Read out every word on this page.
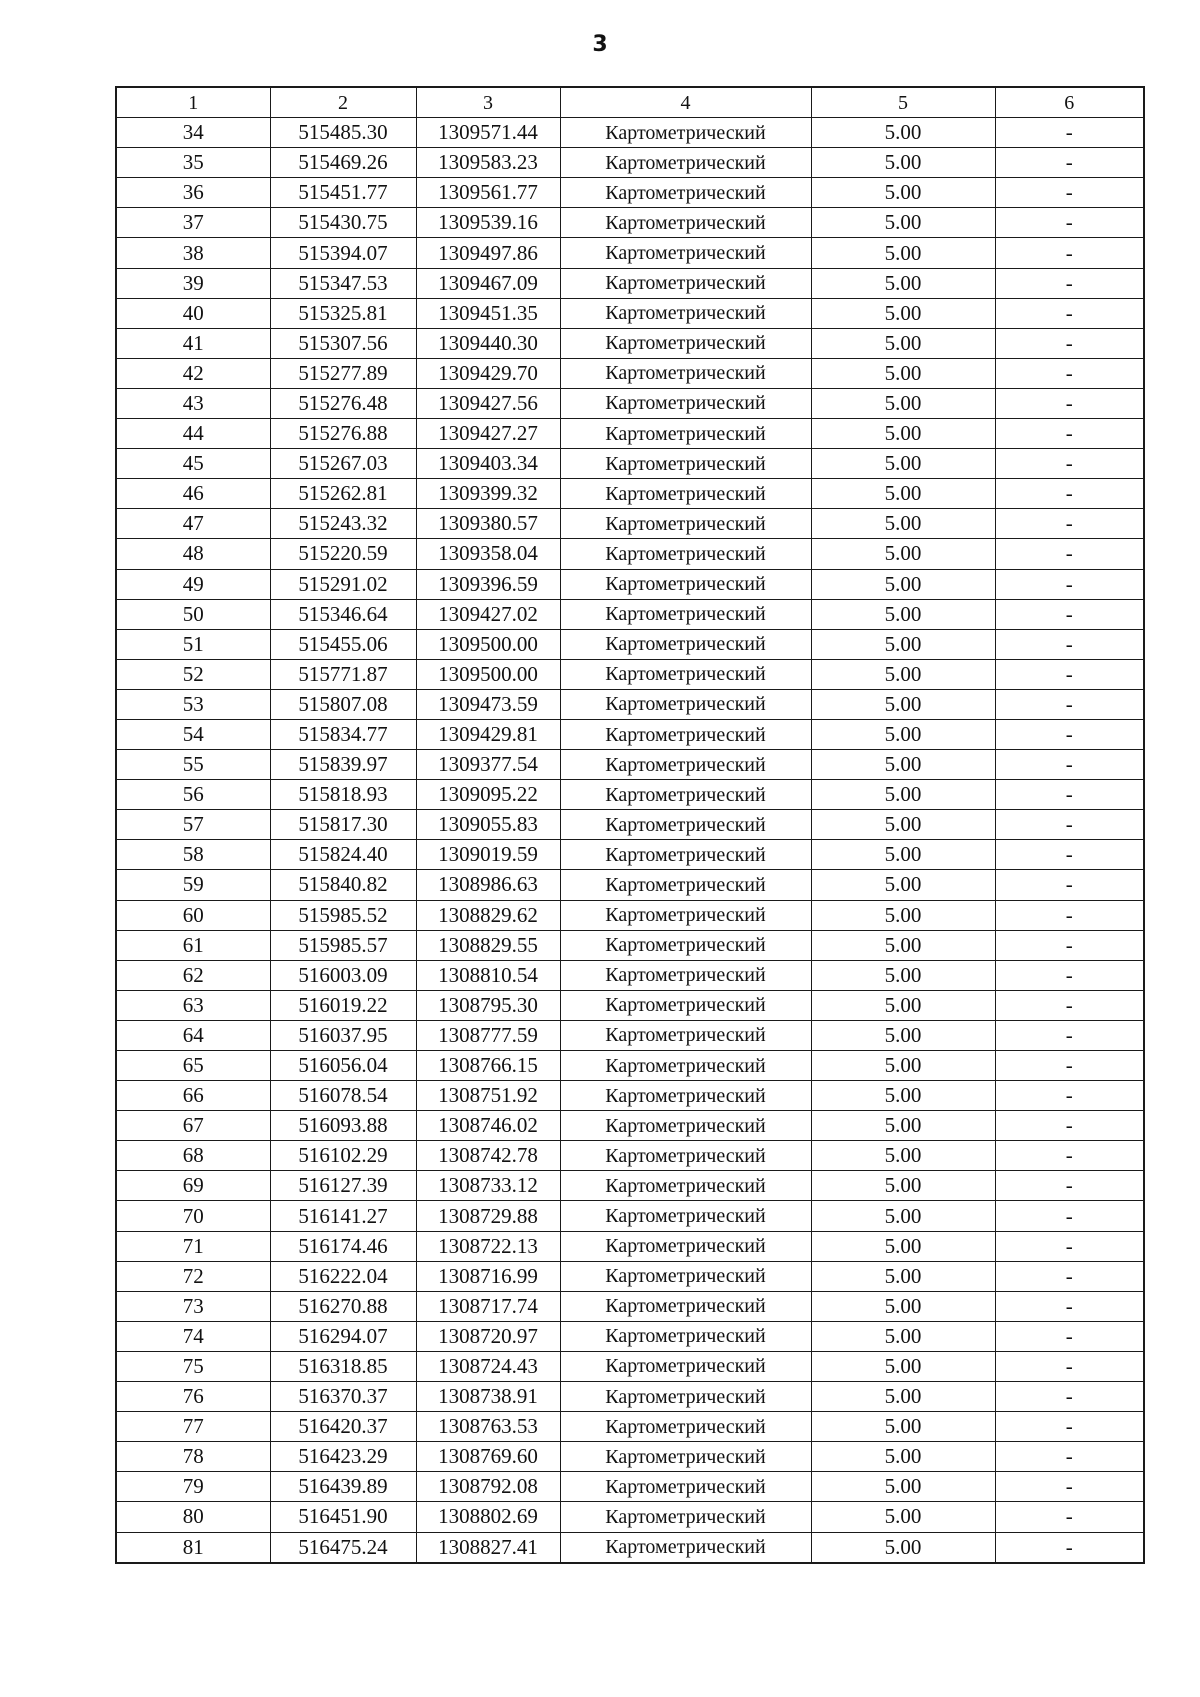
3
1	2	3	4	5	6
34	515485.30	1309571.44	Картометрический	5.00	-
35	515469.26	1309583.23	Картометрический	5.00	-
36	515451.77	1309561.77	Картометрический	5.00	-
37	515430.75	1309539.16	Картометрический	5.00	-
38	515394.07	1309497.86	Картометрический	5.00	-
39	515347.53	1309467.09	Картометрический	5.00	-
40	515325.81	1309451.35	Картометрический	5.00	-
41	515307.56	1309440.30	Картометрический	5.00	-
42	515277.89	1309429.70	Картометрический	5.00	-
43	515276.48	1309427.56	Картометрический	5.00	-
44	515276.88	1309427.27	Картометрический	5.00	-
45	515267.03	1309403.34	Картометрический	5.00	-
46	515262.81	1309399.32	Картометрический	5.00	-
47	515243.32	1309380.57	Картометрический	5.00	-
48	515220.59	1309358.04	Картометрический	5.00	-
49	515291.02	1309396.59	Картометрический	5.00	-
50	515346.64	1309427.02	Картометрический	5.00	-
51	515455.06	1309500.00	Картометрический	5.00	-
52	515771.87	1309500.00	Картометрический	5.00	-
53	515807.08	1309473.59	Картометрический	5.00	-
54	515834.77	1309429.81	Картометрический	5.00	-
55	515839.97	1309377.54	Картометрический	5.00	-
56	515818.93	1309095.22	Картометрический	5.00	-
57	515817.30	1309055.83	Картометрический	5.00	-
58	515824.40	1309019.59	Картометрический	5.00	-
59	515840.82	1308986.63	Картометрический	5.00	-
60	515985.52	1308829.62	Картометрический	5.00	-
61	515985.57	1308829.55	Картометрический	5.00	-
62	516003.09	1308810.54	Картометрический	5.00	-
63	516019.22	1308795.30	Картометрический	5.00	-
64	516037.95	1308777.59	Картометрический	5.00	-
65	516056.04	1308766.15	Картометрический	5.00	-
66	516078.54	1308751.92	Картометрический	5.00	-
67	516093.88	1308746.02	Картометрический	5.00	-
68	516102.29	1308742.78	Картометрический	5.00	-
69	516127.39	1308733.12	Картометрический	5.00	-
70	516141.27	1308729.88	Картометрический	5.00	-
71	516174.46	1308722.13	Картометрический	5.00	-
72	516222.04	1308716.99	Картометрический	5.00	-
73	516270.88	1308717.74	Картометрический	5.00	-
74	516294.07	1308720.97	Картометрический	5.00	-
75	516318.85	1308724.43	Картометрический	5.00	-
76	516370.37	1308738.91	Картометрический	5.00	-
77	516420.37	1308763.53	Картометрический	5.00	-
78	516423.29	1308769.60	Картометрический	5.00	-
79	516439.89	1308792.08	Картометрический	5.00	-
80	516451.90	1308802.69	Картометрический	5.00	-
81	516475.24	1308827.41	Картометрический	5.00	-
